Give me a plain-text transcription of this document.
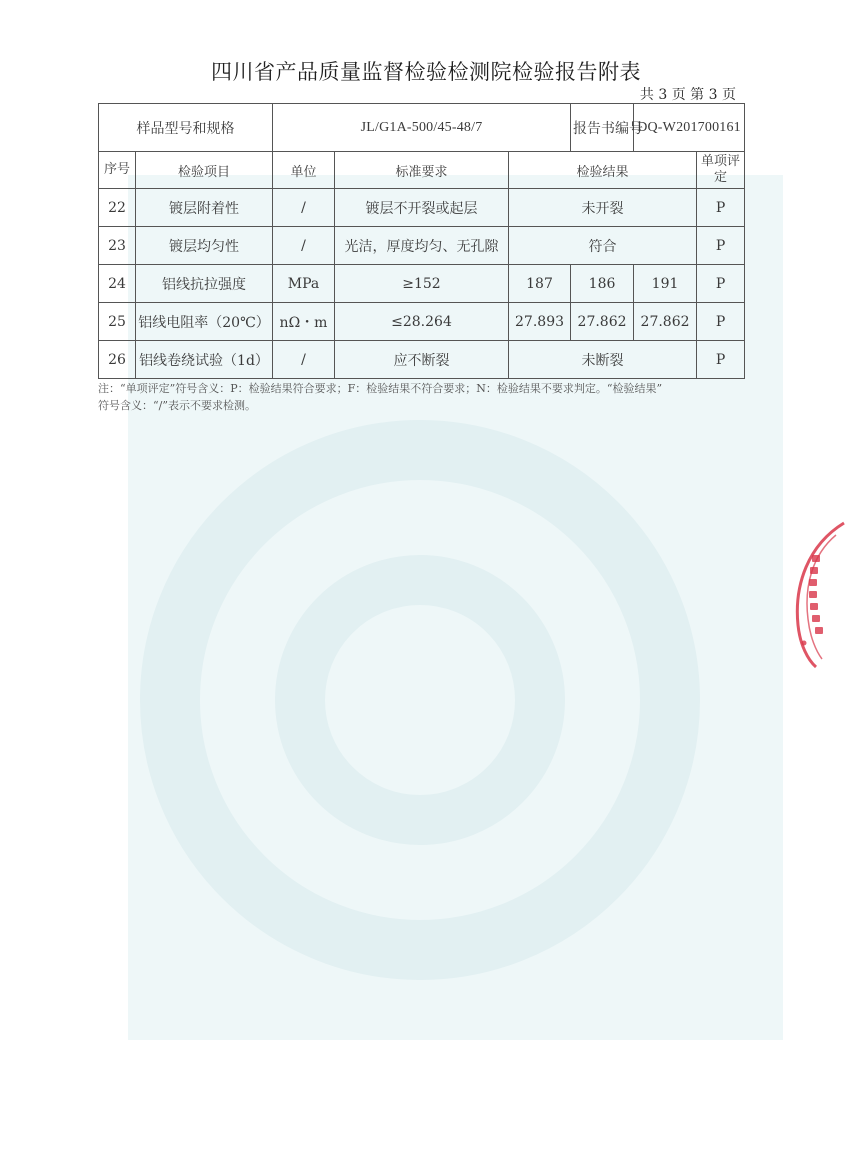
四川省产品质量监督检验检测院检验报告附表
共 3 页 第 3 页
样品型号和规格		JL/G1A-500/45-48/7			报告书编号	DQ-W201700161	
序号	检验项目	单位	标准要求	检验结果			单项评定
22	镀层附着性	/	镀层不开裂或起层	未开裂			P
23	镀层均匀性	/	光洁，厚度均匀、无孔隙	符合			P
24	铝线抗拉强度	MPa	≥152	187	186	191	P
25	铝线电阻率（20℃）	nΩ・m	≤28.264	27.893	27.862	27.862	P
26	铝线卷绕试验（1d）	/	应不断裂	未断裂			P
注：“单项评定”符号含义：P：检验结果符合要求；F：检验结果不符合要求；N：检验结果不要求判定。“检验结果”
符号含义：“/”表示不要求检测。
